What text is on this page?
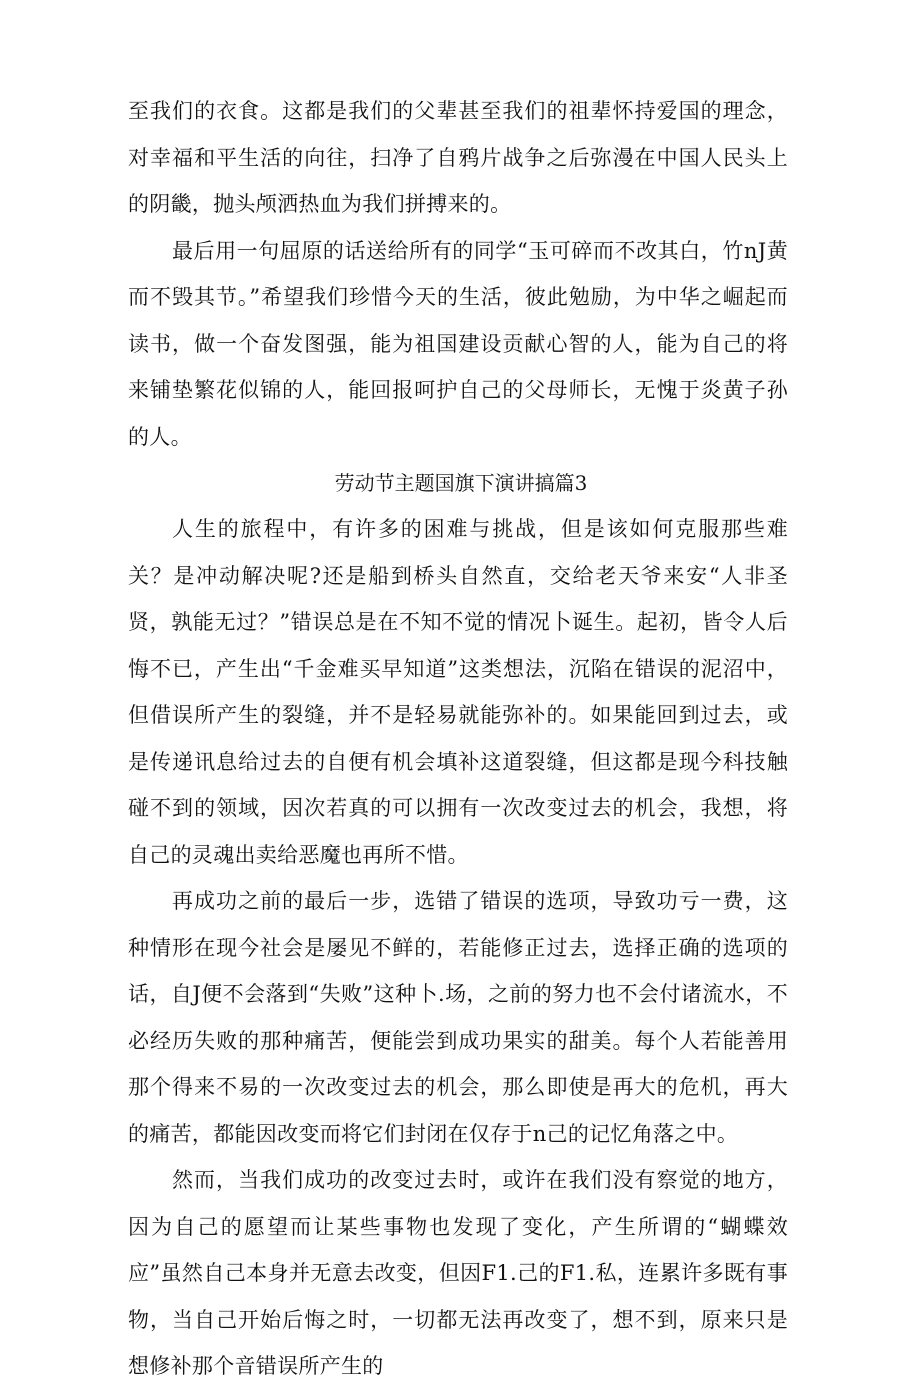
至我们的衣食。这都是我们的父辈甚至我们的祖辈怀持爱国的理念，对幸福和平生活的向往，扫净了自鸦片战争之后弥漫在中国人民头上的阴畿，抛头颅洒热血为我们拼搏来的。

最后用一句屈原的话送给所有的同学“玉可碎而不改其白，竹nJ黄而不毁其节。”希望我们珍惜今天的生活，彼此勉励，为中华之崛起而读书，做一个奋发图强，能为祖国建设贡献心智的人，能为自己的将来铺垫繁花似锦的人，能回报呵护自己的父母师长，无愧于炎黄子孙的人。

劳动节主题国旗下演讲搞篇3

人生的旅程中，有许多的困难与挑战，但是该如何克服那些难关？是冲动解决呢?还是船到桥头自然直，交给老天爷来安“人非圣贤，孰能无过？”错误总是在不知不觉的情况卜诞生。起初，皆令人后悔不已，产生出“千金难买早知道”这类想法，沉陷在错误的泥沼中，但借误所产生的裂缝，并不是轻易就能弥补的。如果能回到过去，或是传递讯息给过去的自便有机会填补这道裂缝，但这都是现今科技触碰不到的领域，因次若真的可以拥有一次改变过去的机会，我想，将自己的灵魂出卖给恶魔也再所不惜。

再成功之前的最后一步，选错了错误的选项，导致功亏一费，这种情形在现今社会是屡见不鲜的，若能修正过去，选择正确的选项的话，自J便不会落到“失败”这种卜.场，之前的努力也不会付诸流水，不必经历失败的那种痛苦，便能尝到成功果实的甜美。每个人若能善用那个得来不易的一次改变过去的机会，那么即使是再大的危机，再大的痛苦，都能因改变而将它们封闭在仅存于n己的记忆角落之中。

然而，当我们成功的改变过去时，或许在我们没有察觉的地方，因为自己的愿望而让某些事物也发现了变化，产生所谓的“蝴蝶效应”虽然自己本身并无意去改变，但因F1.己的F1.私，连累许多既有事物，当自己开始后悔之时，一切都无法再改变了，想不到，原来只是想修补那个音错误所产生的
